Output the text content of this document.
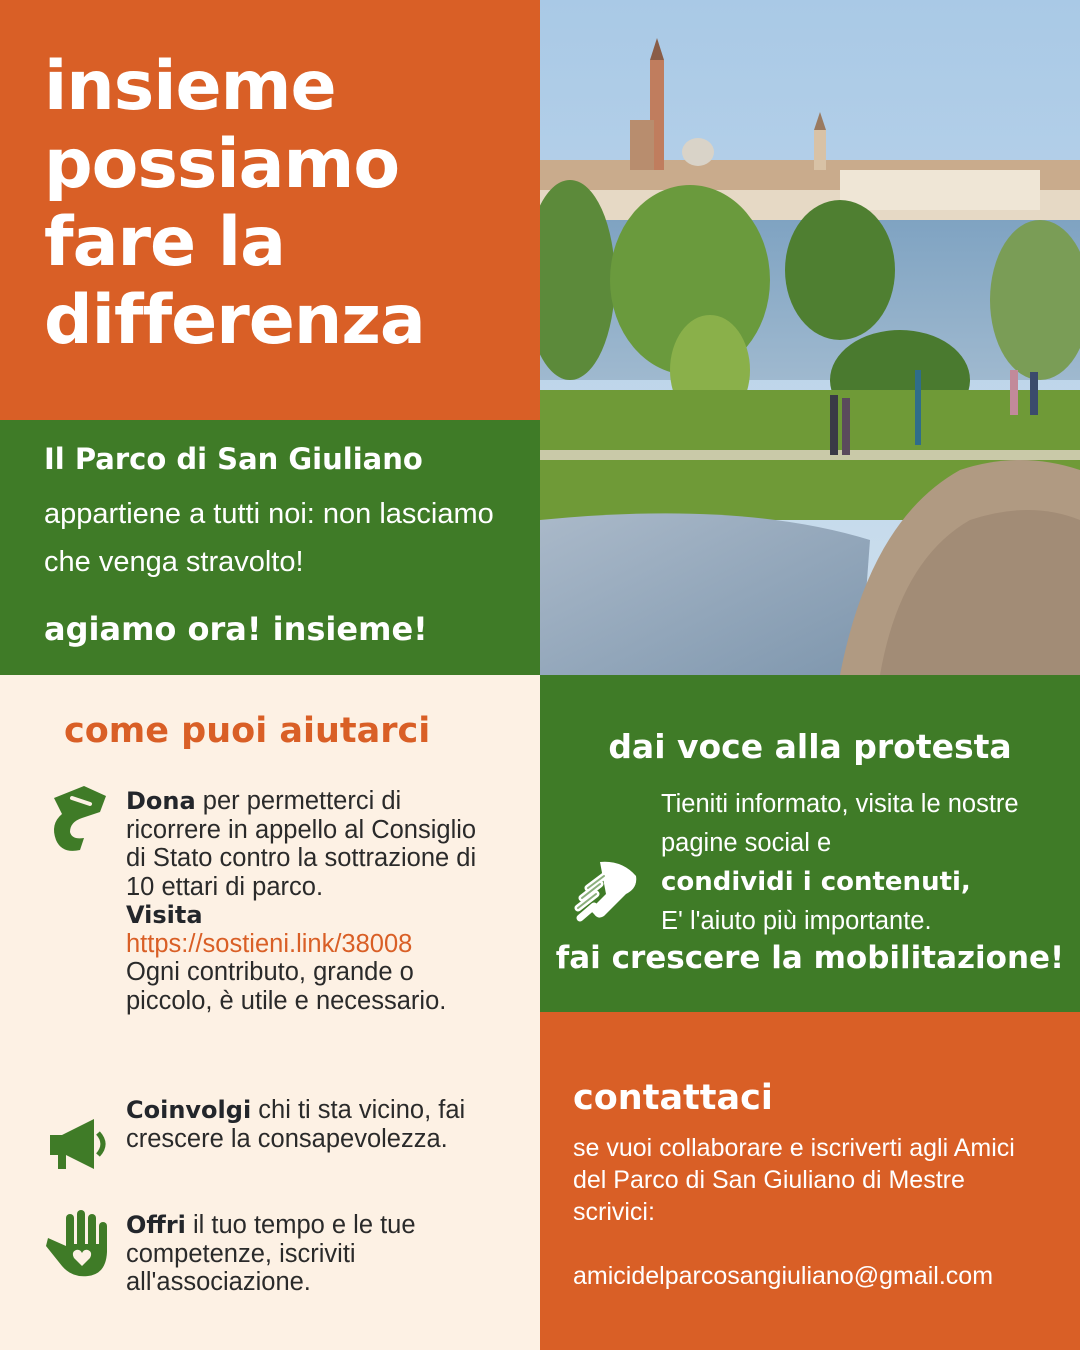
insieme
possiamo
fare la
differenza
Il Parco di San Giuliano
appartiene a tutti noi: non lasciamo che venga stravolto!
agiamo ora! insieme!
come puoi aiutarci
Dona per permetterci di ricorrere in appello al Consiglio di Stato contro la sottrazione di 10 ettari di parco.
Visita
https://sostieni.link/38008
Ogni contributo, grande o piccolo, è utile e necessario.
Coinvolgi chi ti sta vicino, fai crescere la consapevolezza.
Offri il tuo tempo e le tue competenze, iscriviti all'associazione.
dai voce alla protesta
Tieniti informato, visita le nostre pagine social e
condividi i contenuti,
E' l'aiuto più importante.
fai crescere la mobilitazione!
contattaci
se vuoi collaborare e iscriverti agli Amici del Parco di San Giuliano di Mestre scrivici:
amicidelparcosangiuliano@gmail.com
